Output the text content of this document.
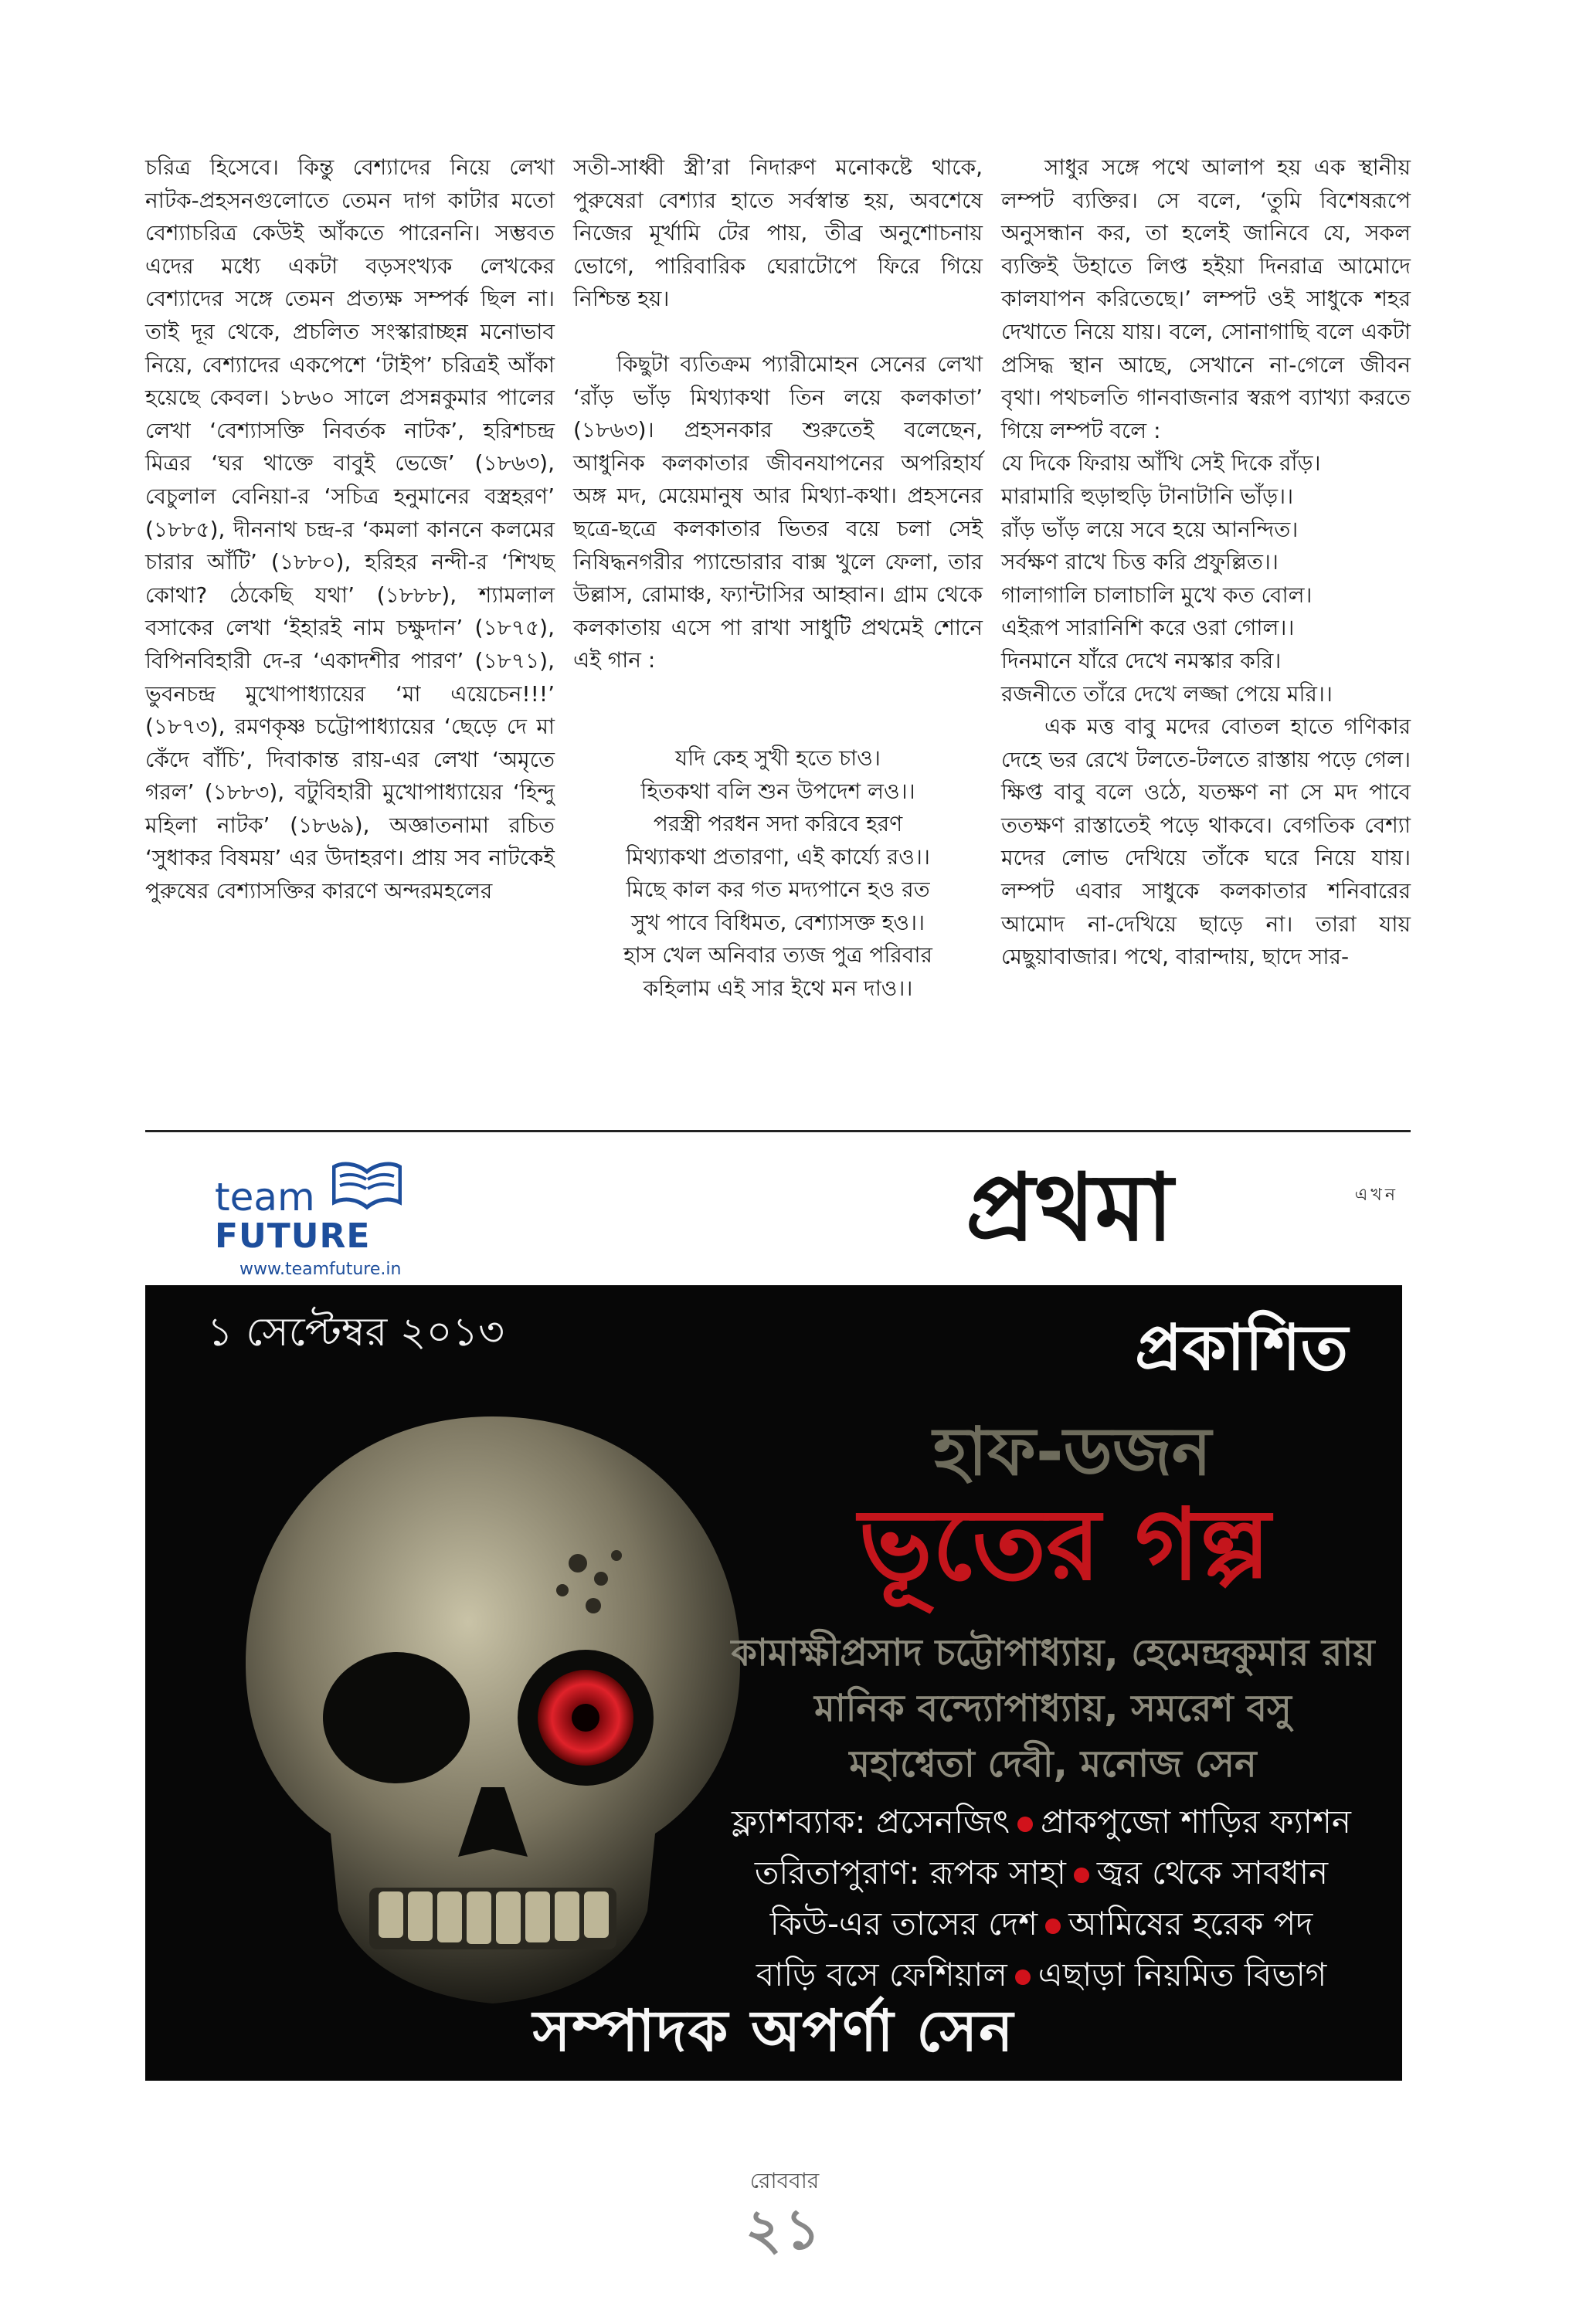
চরিত্র হিসেবে। কিন্তু বেশ্যাদের নিয়ে লেখা নাটক-প্রহসনগুলোতে তেমন দাগ কাটার মতো বেশ্যাচরিত্র কেউই আঁকতে পারেননি। সম্ভবত এদের মধ্যে একটা বড়সংখ্যক লেখকের বেশ্যাদের সঙ্গে তেমন প্রত্যক্ষ সম্পর্ক ছিল না। তাই দূর থেকে, প্রচলিত সংস্কারাচ্ছন্ন মনোভাব নিয়ে, বেশ্যাদের একপেশে ‘টাইপ’ চরিত্রই আঁকা হয়েছে কেবল। ১৮৬০ সালে প্রসন্নকুমার পালের লেখা ‘বেশ্যাসক্তি নিবর্তক নাটক’, হরিশচন্দ্র মিত্রর ‘ঘর থাক্তে বাবুই ভেজে’ (১৮৬৩), বেচুলাল বেনিয়া-র ‘সচিত্র হনুমানের বস্ত্রহরণ’ (১৮৮৫), দীননাথ চন্দ্র-র ‘কমলা কাননে কলমের চারার আঁটি’ (১৮৮০), হরিহর নন্দী-র ‘শিখছ কোথা? ঠেকেছি যথা’ (১৮৮৮), শ্যামলাল বসাকের লেখা ‘ইহারই নাম চক্ষুদান’ (১৮৭৫), বিপিনবিহারী দে-র ‘একাদশীর পারণ’ (১৮৭১), ভুবনচন্দ্র মুখোপাধ্যায়ের ‘মা এয়েচেন!!!’ (১৮৭৩), রমণকৃষ্ণ চট্টোপাধ্যায়ের ‘ছেড়ে দে মা কেঁদে বাঁচি’, দিবাকান্ত রায়-এর লেখা ‘অমৃতে গরল’ (১৮৮৩), বটুবিহারী মুখোপাধ্যায়ের ‘হিন্দু মহিলা নাটক’ (১৮৬৯), অজ্ঞাতনামা রচিত ‘সুধাকর বিষময়’ এর উদাহরণ। প্রায় সব নাটকেই পুরুষের বেশ্যাসক্তির কারণে অন্দরমহলের

সতী-সাধ্বী স্ত্রী’রা নিদারুণ মনোকষ্টে থাকে, পুরুষেরা বেশ্যার হাতে সর্বস্বান্ত হয়, অবশেষে নিজের মূর্খামি টের পায়, তীব্র অনুশোচনায় ভোগে, পারিবারিক ঘেরাটোপে ফিরে গিয়ে নিশ্চিন্ত হয়।

কিছুটা ব্যতিক্রম প্যারীমোহন সেনের লেখা ‘রাঁড় ভাঁড় মিথ্যাকথা তিন লয়ে কলকাতা’ (১৮৬৩)। প্রহসনকার শুরুতেই বলেছেন, আধুনিক কলকাতার জীবনযাপনের অপরিহার্য অঙ্গ মদ, মেয়েমানুষ আর মিথ্যা-কথা। প্রহসনের ছত্রে-ছত্রে কলকাতার ভিতর বয়ে চলা সেই নিষিদ্ধনগরীর প্যান্ডোরার বাক্স খুলে ফেলা, তার উল্লাস, রোমাঞ্চ, ফ্যান্টাসির আহ্বান। গ্রাম থেকে কলকাতায় এসে পা রাখা সাধুটি প্রথমেই শোনে এই গান :

যদি কেহ সুখী হতে চাও।
হিতকথা বলি শুন উপদেশ লও।।
পরস্ত্রী পরধন সদা করিবে হরণ
মিথ্যাকথা প্রতারণা, এই কার্য্যে রও।।
মিছে কাল কর গত মদ্যপানে হও রত
সুখ পাবে বিধিমত, বেশ্যাসক্ত হও।।
হাস খেল অনিবার ত্যজ পুত্র পরিবার
কহিলাম এই সার ইথে মন দাও।।

সাধুর সঙ্গে পথে আলাপ হয় এক স্থানীয় লম্পট ব্যক্তির। সে বলে, ‘তুমি বিশেষরূপে অনুসন্ধান কর, তা হলেই জানিবে যে, সকল ব্যক্তিই উহাতে লিপ্ত হইয়া দিনরাত্র আমোদে কালযাপন করিতেছে।’ লম্পট ওই সাধুকে শহর দেখাতে নিয়ে যায়। বলে, সোনাগাছি বলে একটা প্রসিদ্ধ স্থান আছে, সেখানে না-গেলে জীবন বৃথা। পথচলতি গানবাজনার স্বরূপ ব্যাখ্যা করতে গিয়ে লম্পট বলে :

যে দিকে ফিরায় আঁখি সেই দিকে রাঁড়।
মারামারি হুড়াহুড়ি টানাটানি ভাঁড়।।
রাঁড় ভাঁড় লয়ে সবে হয়ে আনন্দিত।
সর্বক্ষণ রাখে চিত্ত করি প্রফুল্লিত।।
গালাগালি চালাচালি মুখে কত বোল।
এইরূপ সারানিশি করে ওরা গোল।।
দিনমানে যাঁরে দেখে নমস্কার করি।
রজনীতে তাঁরে দেখে লজ্জা পেয়ে মরি।।

এক মত্ত বাবু মদের বোতল হাতে গণিকার দেহে ভর রেখে টলতে-টলতে রাস্তায় পড়ে গেল। ক্ষিপ্ত বাবু বলে ওঠে, যতক্ষণ না সে মদ পাবে ততক্ষণ রাস্তাতেই পড়ে থাকবে। বেগতিক বেশ্যা মদের লোভ দেখিয়ে তাঁকে ঘরে নিয়ে যায়। লম্পট এবার সাধুকে কলকাতার শনিবারের আমোদ না-দেখিয়ে ছাড়ে না। তারা যায় মেছুয়াবাজার। পথে, বারান্দায়, ছাদে সার-

team
FUTURE
www.teamfuture.in
প্রথমা	এখন
১ সেপ্টেম্বর ২০১৩	প্রকাশিত
হাফ-ডজন
ভূতের গল্প
কামাক্ষীপ্রসাদ চট্টোপাধ্যায়, হেমেন্দ্রকুমার রায়
মানিক বন্দ্যোপাধ্যায়, সমরেশ বসু
মহাশ্বেতা দেবী, মনোজ সেন
ফ্ল্যাশব্যাক: প্রসেনজিৎ প্রাকপুজো শাড়ির ফ্যাশন
তরিতাপুরাণ: রূপক সাহা জ্বর থেকে সাবধান
কিউ-এর তাসের দেশ আমিষের হরেক পদ
বাড়ি বসে ফেশিয়াল এছাড়া নিয়মিত বিভাগ
সম্পাদক অপর্ণা সেন
রোববার
২১
